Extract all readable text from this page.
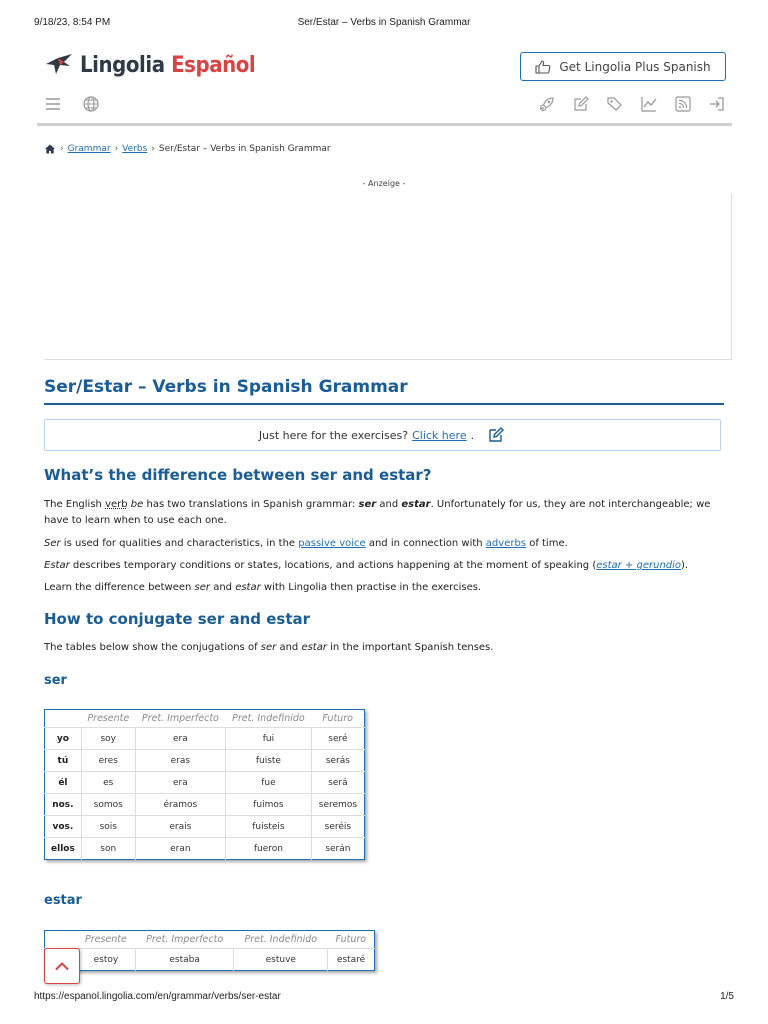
9/18/23, 8:54 PM	Ser/Estar – Verbs in Spanish Grammar
Lingolia Español	Get Lingolia Plus Spanish
› Grammar › Verbs › Ser/Estar – Verbs in Spanish Grammar
- Anzeige -
Ser/Estar – Verbs in Spanish Grammar
Just here for the exercises? Click here .
What’s the difference between ser and estar?

The English verb be has two translations in Spanish grammar: ser and estar. Unfortunately for us, they are not interchangeable; we have to learn when to use each one.

Ser is used for qualities and characteristics, in the passive voice and in connection with adverbs of time.

Estar describes temporary conditions or states, locations, and actions happening at the moment of speaking (estar + gerundio).

Learn the difference between ser and estar with Lingolia then practise in the exercises.

How to conjugate ser and estar

The tables below show the conjugations of ser and estar in the important Spanish tenses.

ser
	Presente	Pret. Imperfecto	Pret. Indefinido	Futuro
yo	soy	era	fui	seré
tú	eres	eras	fuiste	serás
él	es	era	fue	será
nos.	somos	éramos	fuimos	seremos
vos.	sois	erais	fuisteis	seréis
ellos	son	eran	fueron	serán
estar
	Presente	Pret. Imperfecto	Pret. Indefinido	Futuro
	estoy	estaba	estuve	estaré
https://espanol.lingolia.com/en/grammar/verbs/ser-estar	1/5
